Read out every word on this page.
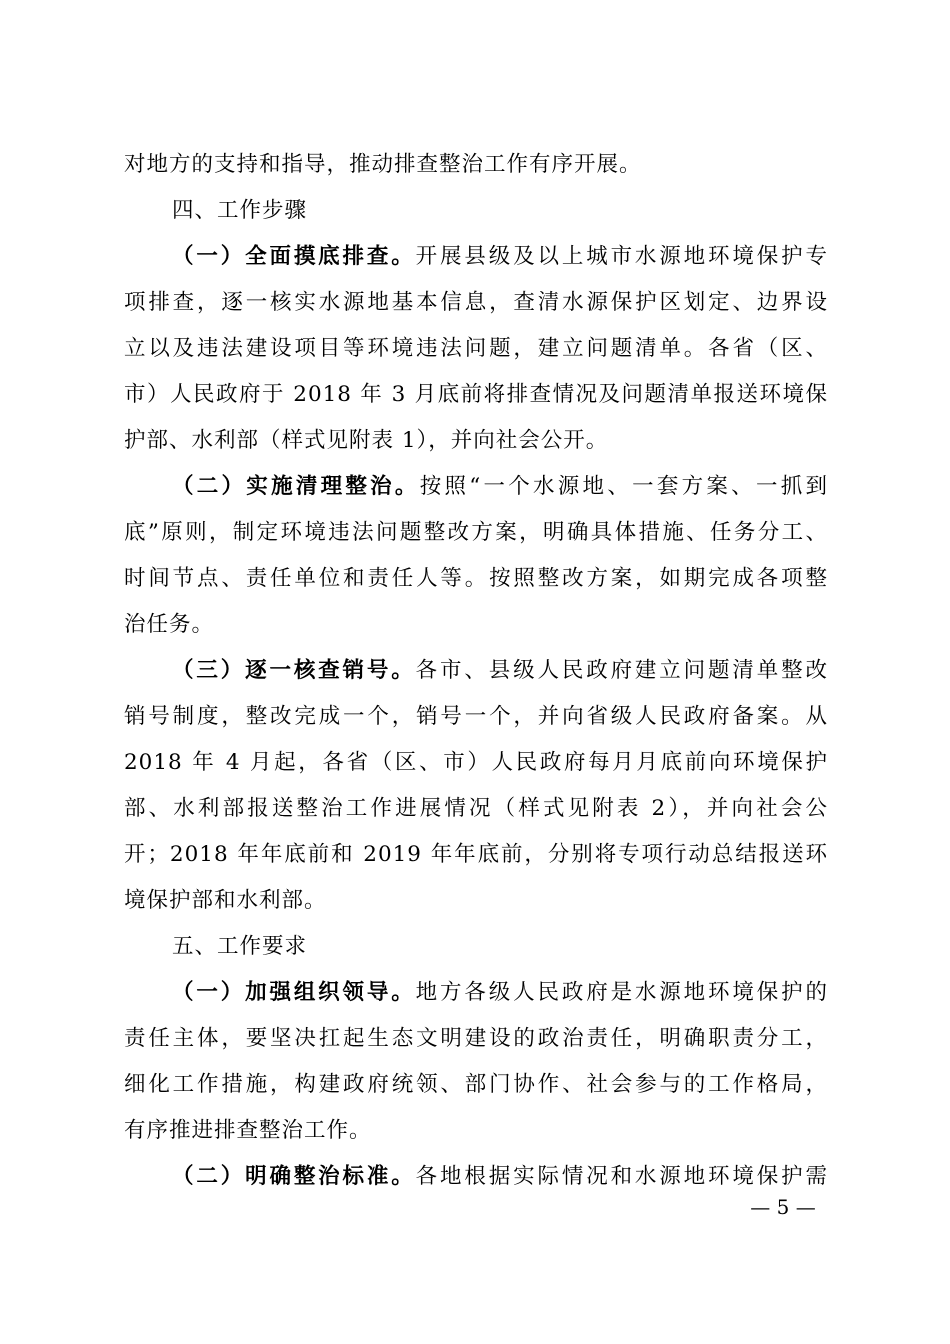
对地方的支持和指导，推动排查整治工作有序开展。
四、工作步骤
（一）全面摸底排查。开展县级及以上城市水源地环境保护专
项排查，逐一核实水源地基本信息，查清水源保护区划定、边界设
立以及违法建设项目等环境违法问题，建立问题清单。各省（区、
市）人民政府于 2018 年 3 月底前将排查情况及问题清单报送环境保
护部、水利部（样式见附表 1），并向社会公开。
（二）实施清理整治。按照“一个水源地、一套方案、一抓到
底”原则，制定环境违法问题整改方案，明确具体措施、任务分工、
时间节点、责任单位和责任人等。按照整改方案，如期完成各项整
治任务。
（三）逐一核查销号。各市、县级人民政府建立问题清单整改
销号制度，整改完成一个，销号一个，并向省级人民政府备案。从
2018 年 4 月起，各省（区、市）人民政府每月月底前向环境保护
部、水利部报送整治工作进展情况（样式见附表 2），并向社会公
开；2018 年年底前和 2019 年年底前，分别将专项行动总结报送环
境保护部和水利部。
五、工作要求
（一）加强组织领导。地方各级人民政府是水源地环境保护的
责任主体，要坚决扛起生态文明建设的政治责任，明确职责分工，
细化工作措施，构建政府统领、部门协作、社会参与的工作格局，
有序推进排查整治工作。
（二）明确整治标准。各地根据实际情况和水源地环境保护需
— 5 —
